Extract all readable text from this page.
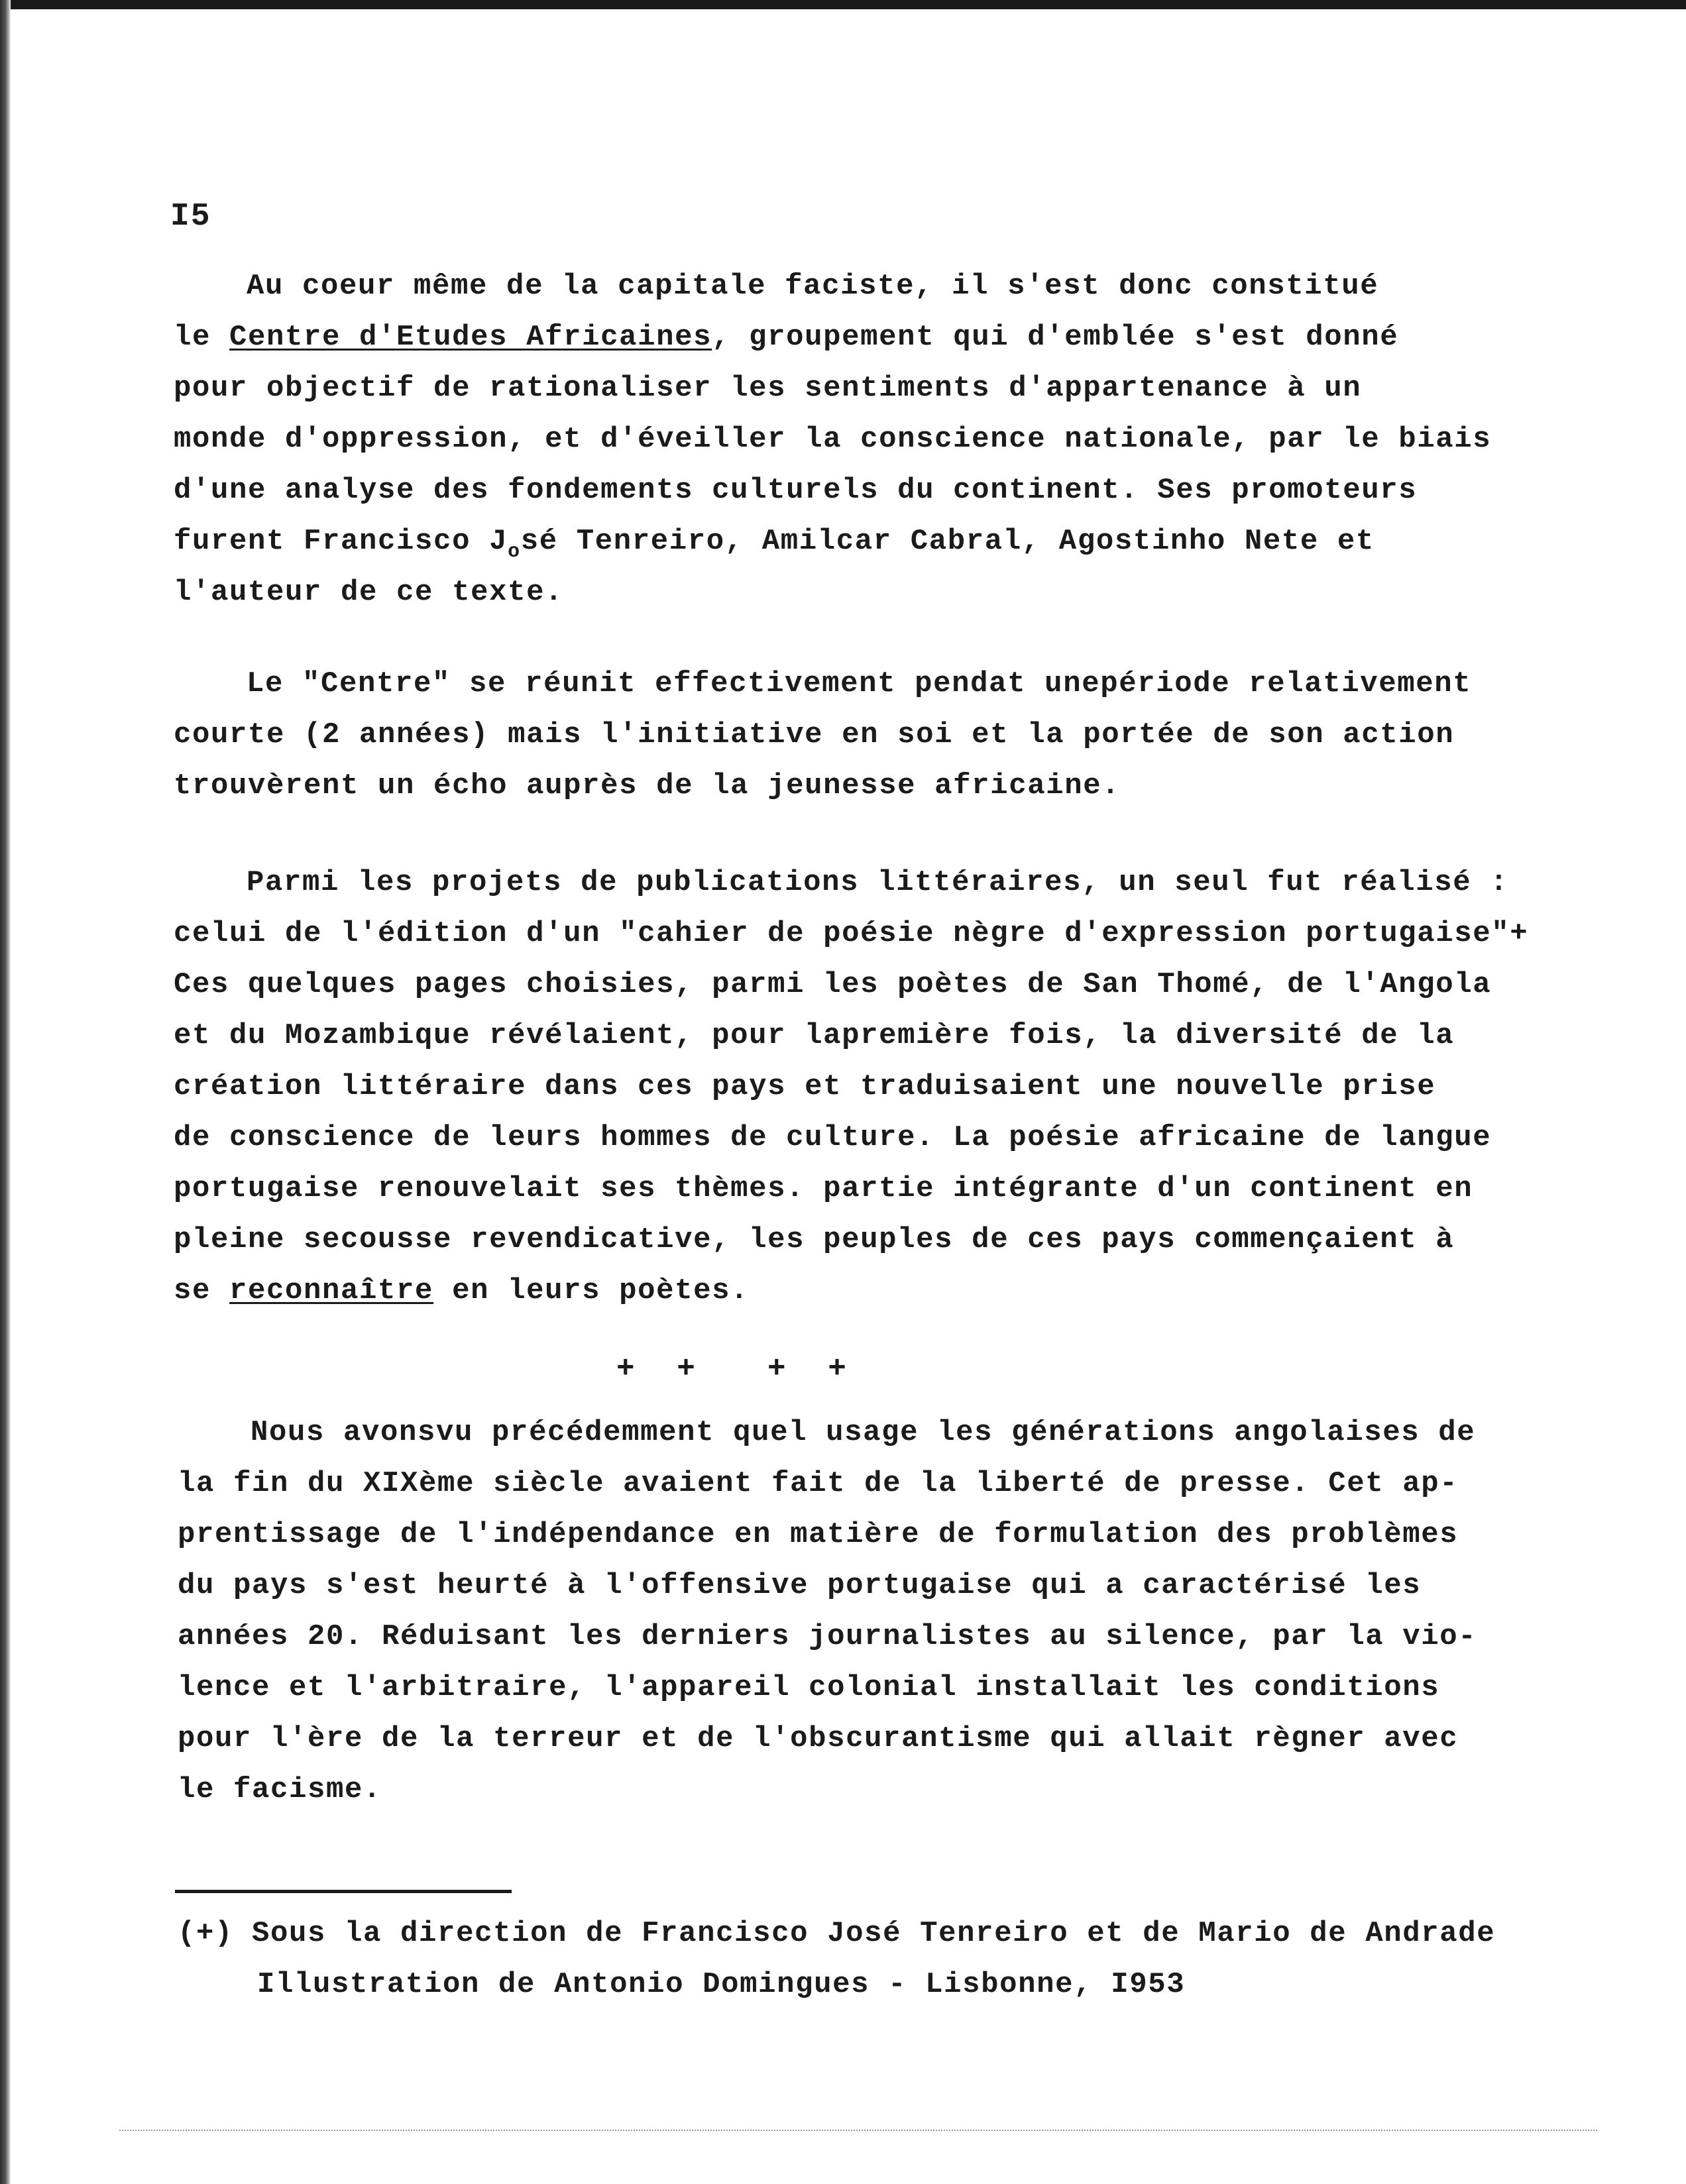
I5
Au coeur même de la capitale faciste, il s'est donc constitué
le Centre d'Etudes Africaines, groupement qui d'emblée s'est donné
pour objectif de rationaliser les sentiments d'appartenance à un
monde d'oppression, et d'éveiller la conscience nationale, par le biais
d'une analyse des fondements culturels du continent. Ses promoteurs
furent Francisco $J_osé$ Tenreiro, Amilcar Cabral, Agostinho Nete et
l'auteur de ce texte.
Le "Centre" se réunit effectivement pendat unepériode relativement
courte (2 années) mais l'initiative en soi et la portée de son action
trouvèrent un écho auprès de la jeunesse africaine.
Parmi les projets de publications littéraires, un seul fut réalisé :
celui de l'édition d'un "cahier de poésie nègre d'expression portugaise"+
Ces quelques pages choisies, parmi les poètes de San Thomé, de l'Angola
et du Mozambique révélaient, pour lapremière fois, la diversité de la
création littéraire dans ces pays et traduisaient une nouvelle prise
de conscience de leurs hommes de culture. La poésie africaine de langue
portugaise renouvelait ses thèmes. partie intégrante d'un continent en
pleine secousse revendicative, les peuples de ces pays commençaient à
se reconnaître en leurs poètes.
+ +  + +
Nous avonsvu précédemment quel usage les générations angolaises de
la fin du XIXème siècle avaient fait de la liberté de presse. Cet ap-
prentissage de l'indépendance en matière de formulation des problèmes
du pays s'est heurté à l'offensive portugaise qui a caractérisé les
années 20. Réduisant les derniers journalistes au silence, par la vio-
lence et l'arbitraire, l'appareil colonial installait les conditions
pour l'ère de la terreur et de l'obscurantisme qui allait règner avec
le facisme.
(+) Sous la direction de Francisco José Tenreiro et de Mario de Andrade
Illustration de Antonio Domingues - Lisbonne, I953
